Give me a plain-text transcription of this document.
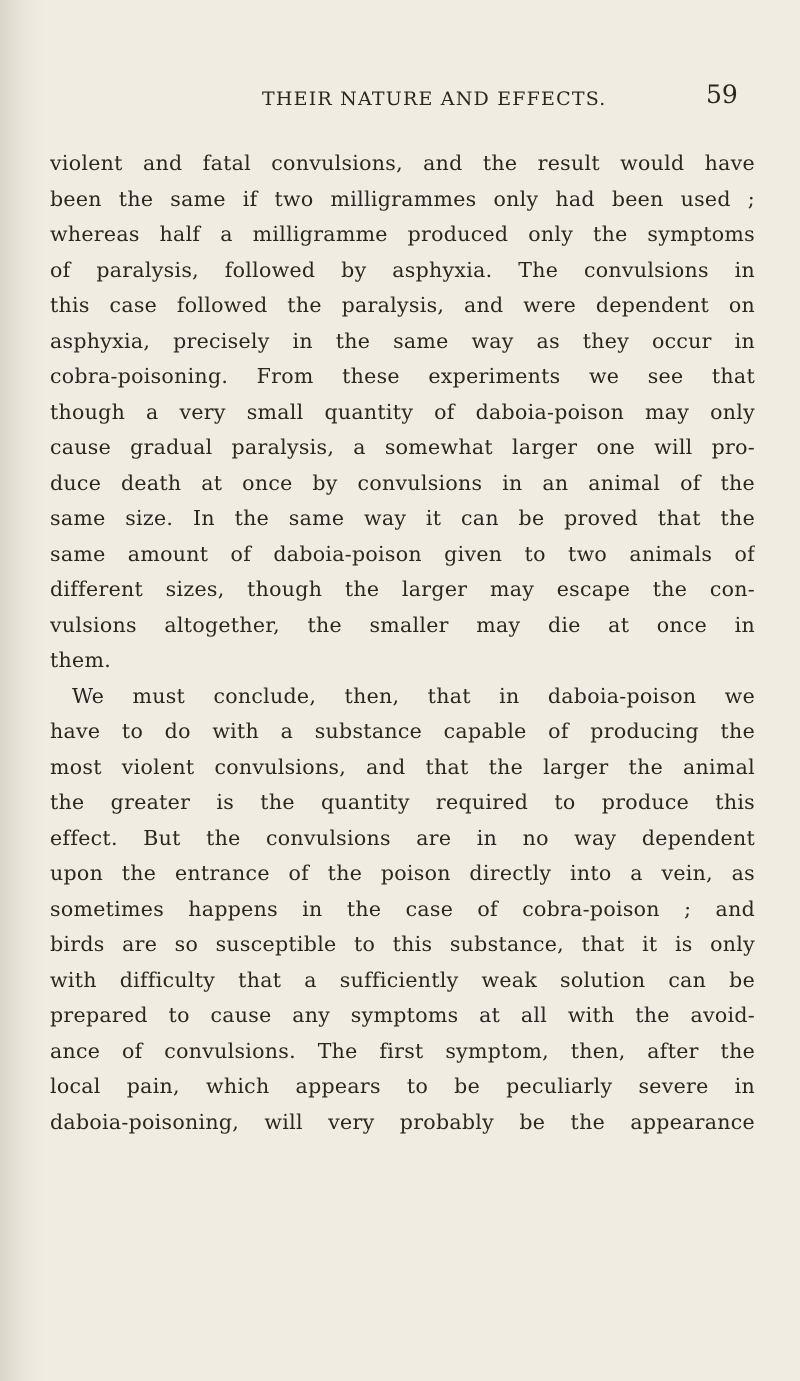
THEIR NATURE AND EFFECTS.	59
violent and fatal convulsions, and the result would have
been the same if two milligrammes only had been used ;
whereas half a milligramme produced only the symptoms
of paralysis, followed by asphyxia. The convulsions in
this case followed the paralysis, and were dependent on
asphyxia, precisely in the same way as they occur in
cobra-poisoning. From these experiments we see that
though a very small quantity of daboia-poison may only
cause gradual paralysis, a somewhat larger one will pro-
duce death at once by convulsions in an animal of the
same size. In the same way it can be proved that the
same amount of daboia-poison given to two animals of
different sizes, though the larger may escape the con-
vulsions altogether, the smaller may die at once in
them.
We must conclude, then, that in daboia-poison we
have to do with a substance capable of producing the
most violent convulsions, and that the larger the animal
the greater is the quantity required to produce this
effect. But the convulsions are in no way dependent
upon the entrance of the poison directly into a vein, as
sometimes happens in the case of cobra-poison ; and
birds are so susceptible to this substance, that it is only
with difficulty that a sufficiently weak solution can be
prepared to cause any symptoms at all with the avoid-
ance of convulsions. The first symptom, then, after the
local pain, which appears to be peculiarly severe in
daboia-poisoning, will very probably be the appearance
